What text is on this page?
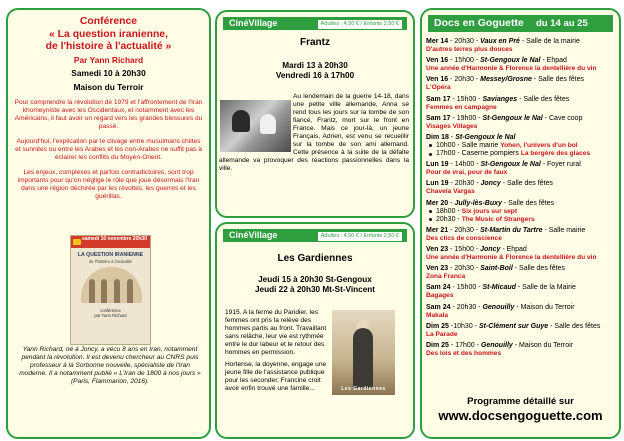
Conférence
« La question iranienne,
de l'histoire à l'actualité »
Par Yann Richard
Samedi 10 à 20h30
Maison du Terroir

Pour comprendre la révolution de 1979 et l'affrontement de l'Iran khomeyniste avec les Occidentaux, et notamment avec les Américains, il faut avoir un regard vers les grandes blessures du passé.

Aujourd'hui, l'explication par le clivage entre musulmans chiites et sunnites ou entre les Arabes et les non-Arabes ne suffit pas à éclairer les conflits du Moyen-Orient.

Les enjeux, complexes et parfois contradictoires, sont trop importants pour qu'on néglige le rôle que joue désormais l'Iran dans une région déchirée par les révoltes, les guerres et les guérillas.

samedi 10 novembre 20h30
LA QUESTION IRANIENNE
de l'histoire à l'actualité
conférence
par Yann Richard
Yann Richard, né à Joncy, a vécu 8 ans en Iran, notamment pendant la révolution. Il est devenu chercheur au CNRS puis professeur à la Sorbonne nouvelle, spécialiste de l'Iran moderne. Il a notamment publié « L'Iran de 1800 à nos jours » (Paris, Flammarion, 2016).
CinéVillage	Adultes : 4,50 € / Enfants 2,50 €
Frantz
Mardi 13 à 20h30
Vendredi 16 à 17h00
Au lendemain de la guerre 14-18, dans une petite ville allemande, Anna se rend tous les jours sur la tombe de son fiancé, Frantz, mort sur le front en France. Mais ce jour-là, un jeune Français, Adrien, est venu se recueillir sur la tombe de son ami allemand. Cette présence à la suite de la défaite allemande va provoquer des réactions passionnelles dans la ville.
CinéVillage	Adultes : 4,50 € / Enfants 2,50 €
Les Gardiennes
Jeudi 15 à 20h30 St-Gengoux
Jeudi 22 à 20h30 Mt-St-Vincent
1915. A la ferme du Paridier, les femmes ont pris la relève des hommes partis au front. Travaillant sans relâche, leur vie est rythmée entre le dur labeur et le retour des hommes en permission.
Hortense, la doyenne, engage une jeune fille de l'assistance publique pour les seconder. Francine croit avoir enfin trouvé une famille...	Les Gardiennes
Docs en Goguette du 14 au 25
Mer 14 - 20h30 - Vaux en Pré - Salle de la mairie
D'autres terres plus douces
Ven 16 - 15h00 - St-Gengoux le Nal - Ehpad
Une année d'Harmonie & Florence la dentellière du vin
Ven 16 - 20h30 - Messey/Grosne - Salle des fêtes
L'Opéra
Sam 17 - 15h00 - Savianges - Salle des fêtes
Femmes en campagne
Sam 17 - 19h00 - St-Gengoux le Nal - Cave coop
Visages Villages
Dim 18 - St-Gengoux le Nal
10h00 - Salle mairie Yohen, l'univers d'un bol
17h00 - Caserne pompiers La bergère des glaces
Lun 19 - 14h00 - St-Gengoux le Nal - Foyer rural
Pour de vrai, pour de faux
Lun 19 - 20h30 - Joncy - Salle des fêtes
Chavela Vargas
Mer 20 - Jully-lès-Buxy - Salle des fêtes
18h00 - Six jours sur sept
20h30 - The Music of Strangers
Mer 21 - 20h30 - St-Martin du Tartre - Salle mairie
Des clics de conscience
Ven 23 - 15h00 - Joncy - Ehpad
Une année d'Harmonie & Florence la dentellière du vin
Ven 23 - 20h30 - Saint-Boil - Salle des fêtes
Zona Franca
Sam 24 - 15h00 - St-Micaud - Salle de la Mairie
Bagages
Sam 24 - 20h30 - Genouilly - Maison du Terroir
Makala
Dim 25 -10h30 - St-Clément sur Guye - Salle des fêtes
La Parade
Dim 25 - 17h00 - Genouilly - Maison du Terroir
Des lois et des hommes
Programme détaillé sur
www.docsengoguette.com
